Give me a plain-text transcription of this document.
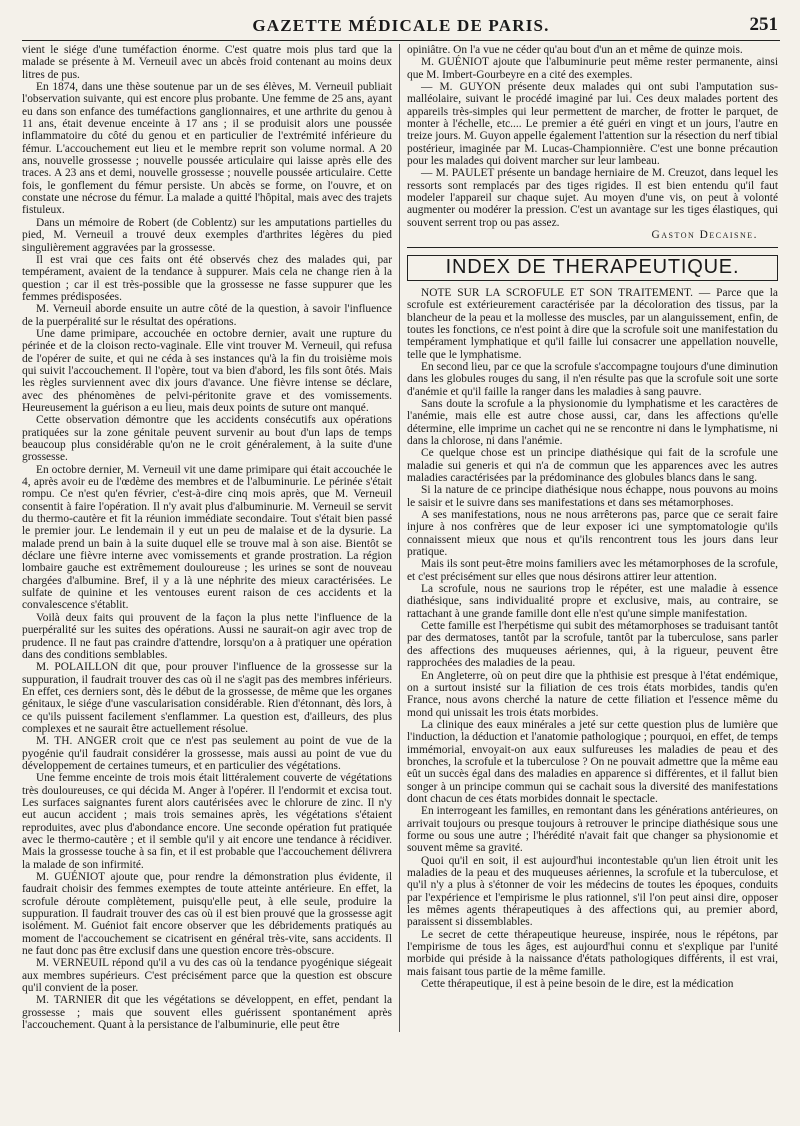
GAZETTE MÉDICALE DE PARIS.	251

vient le siége d'une tuméfaction énorme. C'est quatre mois plus tard que la malade se présente à M. Verneuil avec un abcès froid contenant au moins deux litres de pus.

En 1874, dans une thèse soutenue par un de ses élèves, M. Verneuil publiait l'observation suivante, qui est encore plus probante. Une femme de 25 ans, ayant eu dans son enfance des tuméfactions ganglionnaires, et une arthrite du genou à 11 ans, était devenue enceinte à 17 ans ; il se produisit alors une poussée inflammatoire du côté du genou et en particulier de l'extrémité inférieure du fémur. L'accouchement eut lieu et le membre reprit son volume normal. A 20 ans, nouvelle grossesse ; nouvelle poussée articulaire qui laisse après elle des traces. A 23 ans et demi, nouvelle grossesse ; nouvelle poussée articulaire. Cette fois, le gonflement du fémur persiste. Un abcès se forme, on l'ouvre, et on constate une nécrose du fémur. La malade a quitté l'hôpital, mais avec des trajets fistuleux.

Dans un mémoire de Robert (de Coblentz) sur les amputations partielles du pied, M. Verneuil a trouvé deux exemples d'arthrites légères du pied singulièrement aggravées par la grossesse.

Il est vrai que ces faits ont été observés chez des malades qui, par tempérament, avaient de la tendance à suppurer. Mais cela ne change rien à la question ; car il est très-possible que la grossesse ne fasse suppurer que les femmes prédisposées.

M. Verneuil aborde ensuite un autre côté de la question, à savoir l'influence de la puerpéralité sur le résultat des opérations.

Une dame primipare, accouchée en octobre dernier, avait une rupture du périnée et de la cloison recto-vaginale. Elle vint trouver M. Verneuil, qui refusa de l'opérer de suite, et qui ne céda à ses instances qu'à la fin du troisième mois qui suivit l'accouchement. Il l'opère, tout va bien d'abord, les fils sont ôtés. Mais les règles surviennent avec dix jours d'avance. Une fièvre intense se déclare, avec des phénomènes de pelvi-péritonite grave et des vomissements. Heureusement la guérison a eu lieu, mais deux points de suture ont manqué.

Cette observation démontre que les accidents consécutifs aux opérations pratiquées sur la zone génitale peuvent survenir au bout d'un laps de temps beaucoup plus considérable qu'on ne le croit généralement, à la suite d'une grossesse.

En octobre dernier, M. Verneuil vit une dame primipare qui était accouchée le 4, après avoir eu de l'œdème des membres et de l'albuminurie. Le périnée s'était rompu. Ce n'est qu'en février, c'est-à-dire cinq mois après, que M. Verneuil consentit à faire l'opération. Il n'y avait plus d'albuminurie. M. Verneuil se servit du thermo-cautère et fit la réunion immédiate secondaire. Tout s'était bien passé le premier jour. Le lendemain il y eut un peu de malaise et de la dysurie. La malade prend un bain à la suite duquel elle se trouve mal à son aise. Bientôt se déclare une fièvre interne avec vomissements et grande prostration. La région lombaire gauche est extrêmement douloureuse ; les urines se sont de nouveau chargées d'albumine. Bref, il y a là une néphrite des mieux caractérisées. Le sulfate de quinine et les ventouses eurent raison de ces accidents et la convalescence s'établit.

Voilà deux faits qui prouvent de la façon la plus nette l'influence de la puerpéralité sur les suites des opérations. Aussi ne saurait-on agir avec trop de prudence. Il ne faut pas craindre d'attendre, lorsqu'on a à pratiquer une opération dans des conditions semblables.

M. POLAILLON dit que, pour prouver l'influence de la grossesse sur la suppuration, il faudrait trouver des cas où il ne s'agit pas des membres inférieurs. En effet, ces derniers sont, dès le début de la grossesse, de même que les organes génitaux, le siége d'une vascularisation considérable. Rien d'étonnant, dès lors, à ce qu'ils puissent facilement s'enflammer. La question est, d'ailleurs, des plus complexes et ne saurait être actuellement résolue.

M. TH. ANGER croit que ce n'est pas seulement au point de vue de la pyogénie qu'il faudrait considérer la grossesse, mais aussi au point de vue du développement de certaines tumeurs, et en particulier des végétations.

Une femme enceinte de trois mois était littéralement couverte de végétations très douloureuses, ce qui décida M. Anger à l'opérer. Il l'endormit et excisa tout. Les surfaces saignantes furent alors cautérisées avec le chlorure de zinc. Il n'y eut aucun accident ; mais trois semaines après, les végétations s'étaient reproduites, avec plus d'abondance encore. Une seconde opération fut pratiquée avec le thermo-cautère ; et il semble qu'il y ait encore une tendance à récidiver. Mais la grossesse touche à sa fin, et il est probable que l'accouchement délivrera la malade de son infirmité.

M. GUÉNIOT ajoute que, pour rendre la démonstration plus évidente, il faudrait choisir des femmes exemptes de toute atteinte antérieure. En effet, la scrofule déroute complètement, puisqu'elle peut, à elle seule, produire la suppuration. Il faudrait trouver des cas où il est bien prouvé que la grossesse agit isolément. M. Guéniot fait encore observer que les débridements pratiqués au moment de l'accouchement se cicatrisent en général très-vite, sans accidents. Il ne faut donc pas être exclusif dans une question encore très-obscure.

M. VERNEUIL répond qu'il a vu des cas où la tendance pyogénique siégeait aux membres supérieurs. C'est précisément parce que la question est obscure qu'il convient de la poser.

M. TARNIER dit que les végétations se développent, en effet, pendant la grossesse ; mais que souvent elles guérissent spontanément après l'accouchement. Quant à la persistance de l'albuminurie, elle peut être

opiniâtre. On l'a vue ne céder qu'au bout d'un an et même de quinze mois.

M. GUÉNIOT ajoute que l'albuminurie peut même rester permanente, ainsi que M. Imbert-Gourbeyre en a cité des exemples.

— M. GUYON présente deux malades qui ont subi l'amputation sus-malléolaire, suivant le procédé imaginé par lui. Ces deux malades portent des appareils très-simples qui leur permettent de marcher, de frotter le parquet, de monter à l'échelle, etc.... Le premier a été guéri en vingt et un jours, l'autre en treize jours. M. Guyon appelle également l'attention sur la résection du nerf tibial postérieur, imaginée par M. Lucas-Championnière. C'est une bonne précaution pour les malades qui doivent marcher sur leur lambeau.

— M. PAULET présente un bandage herniaire de M. Creuzot, dans lequel les ressorts sont remplacés par des tiges rigides. Il est bien entendu qu'il faut modeler l'appareil sur chaque sujet. Au moyen d'une vis, on peut à volonté augmenter ou modérer la pression. C'est un avantage sur les tiges élastiques, qui souvent serrent trop ou pas assez.

Gaston Decaisne.

INDEX DE THERAPEUTIQUE.

NOTE SUR LA SCROFULE ET SON TRAITEMENT. — Parce que la scrofule est extérieurement caractérisée par la décoloration des tissus, par la blancheur de la peau et la mollesse des muscles, par un alanguissement, enfin, de toutes les fonctions, ce n'est point à dire que la scrofule soit une manifestation du tempérament lymphatique et qu'il faille lui consacrer une appellation nouvelle, telle que le lymphatisme.

En second lieu, par ce que la scrofule s'accompagne toujours d'une diminution dans les globules rouges du sang, il n'en résulte pas que la scrofule soit une sorte d'anémie et qu'il faille la ranger dans les maladies à sang pauvre.

Sans doute la scrofule a la physionomie du lymphatisme et les caractères de l'anémie, mais elle est autre chose aussi, car, dans les affections qu'elle détermine, elle imprime un cachet qui ne se rencontre ni dans le lymphatisme, ni dans la chlorose, ni dans l'anémie.

Ce quelque chose est un principe diathésique qui fait de la scrofule une maladie sui generis et qui n'a de commun que les apparences avec les autres maladies caractérisées par la prédominance des globules blancs dans le sang.

Si la nature de ce principe diathésique nous échappe, nous pouvons au moins le saisir et le suivre dans ses manifestations et dans ses métamorphoses.

A ses manifestations, nous ne nous arrêterons pas, parce que ce serait faire injure à nos confrères que de leur exposer ici une symptomatologie qu'ils connaissent mieux que nous et qu'ils rencontrent tous les jours dans leur pratique.

Mais ils sont peut-être moins familiers avec les métamorphoses de la scrofule, et c'est précisément sur elles que nous désirons attirer leur attention.

La scrofule, nous ne saurions trop le répéter, est une maladie à essence diathésique, sans individualité propre et exclusive, mais, au contraire, se rattachant à une grande famille dont elle n'est qu'une simple manifestation.

Cette famille est l'herpétisme qui subit des métamorphoses se traduisant tantôt par des dermatoses, tantôt par la scrofule, tantôt par la tuberculose, sans parler des affections des muqueuses aériennes, qui, à la rigueur, peuvent être rapprochées des maladies de la peau.

En Angleterre, où on peut dire que la phthisie est presque à l'état endémique, on a surtout insisté sur la filiation de ces trois états morbides, tandis qu'en France, nous avons cherché la nature de cette filiation et l'essence même du mond qui unissait les trois états morbides.

La clinique des eaux minérales a jeté sur cette question plus de lumière que l'induction, la déduction et l'anatomie pathologique ; pourquoi, en effet, de temps immémorial, envoyait-on aux eaux sulfureuses les maladies de peau et des bronches, la scrofule et la tuberculose ? On ne pouvait admettre que la même eau eût un succès égal dans des maladies en apparence si différentes, et il fallut bien songer à un principe commun qui se cachait sous la diversité des manifestations dont chacun de ces états morbides donnait le spectacle.

En interrogeant les familles, en remontant dans les générations antérieures, on arrivait toujours ou presque toujours à retrouver le principe diathésique sous une forme ou sous une autre ; l'hérédité n'avait fait que changer sa physionomie et souvent même sa gravité.

Quoi qu'il en soit, il est aujourd'hui incontestable qu'un lien étroit unit les maladies de la peau et des muqueuses aériennes, la scrofule et la tuberculose, et qu'il n'y a plus à s'étonner de voir les médecins de toutes les époques, conduits par l'expérience et l'empirisme le plus rationnel, s'il l'on peut ainsi dire, opposer les mêmes agents thérapeutiques à des affections qui, au premier abord, paraissent si dissemblables.

Le secret de cette thérapeutique heureuse, inspirée, nous le répétons, par l'empirisme de tous les âges, est aujourd'hui connu et s'explique par l'unité morbide qui préside à la naissance d'états pathologiques différents, il est vrai, mais faisant tous partie de la même famille.

Cette thérapeutique, il est à peine besoin de le dire, est la médication
